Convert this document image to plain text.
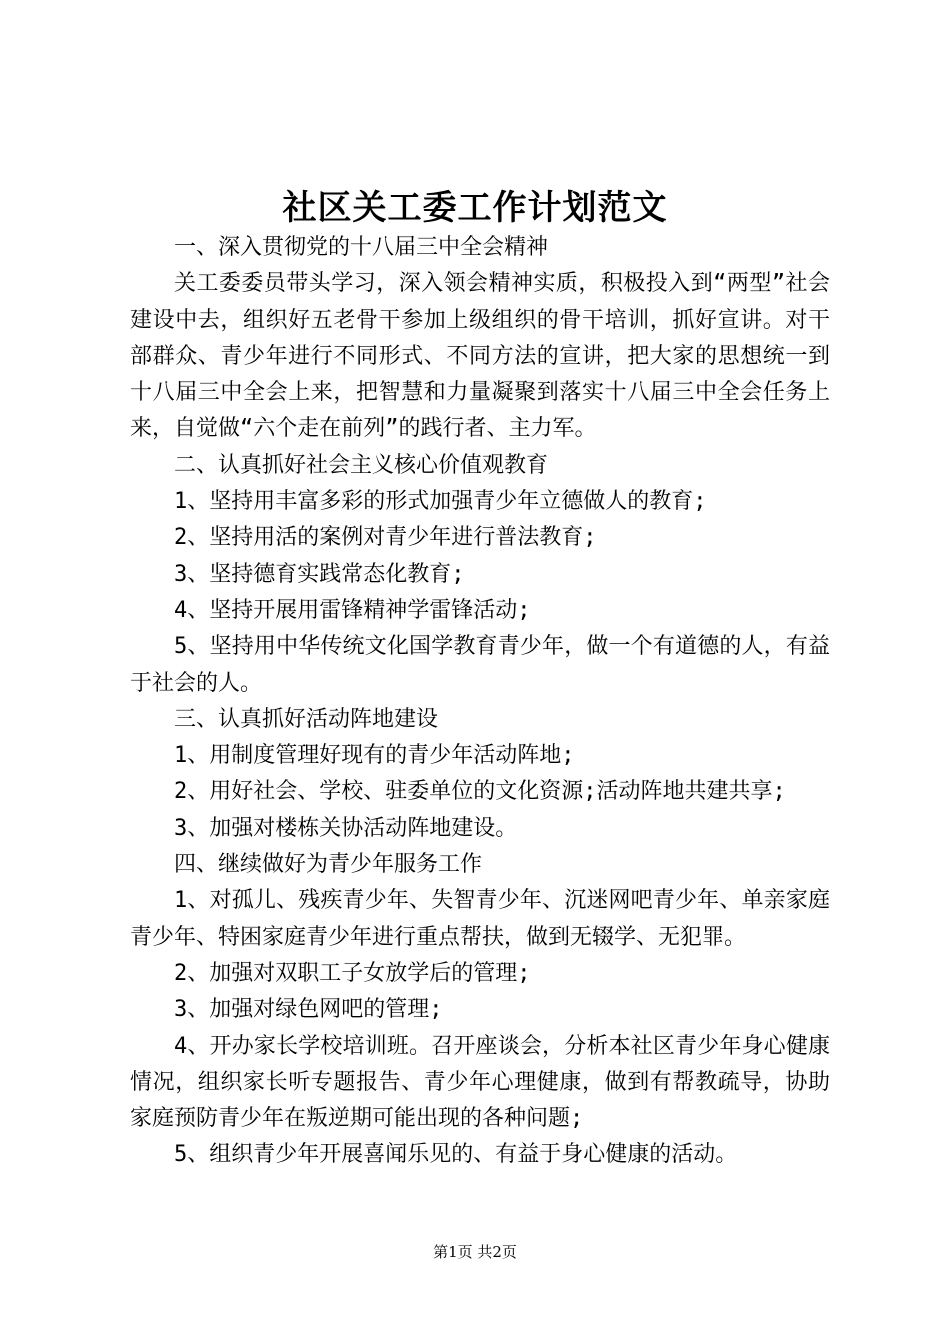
社区关工委工作计划范文

一、深入贯彻党的十八届三中全会精神

关工委委员带头学习，深入领会精神实质，积极投入到“两型”社会建设中去，组织好五老骨干参加上级组织的骨干培训，抓好宣讲。对干部群众、青少年进行不同形式、不同方法的宣讲，把大家的思想统一到十八届三中全会上来，把智慧和力量凝聚到落实十八届三中全会任务上来，自觉做“六个走在前列”的践行者、主力军。

二、认真抓好社会主义核心价值观教育

1、坚持用丰富多彩的形式加强青少年立德做人的教育;

2、坚持用活的案例对青少年进行普法教育;

3、坚持德育实践常态化教育;

4、坚持开展用雷锋精神学雷锋活动;

5、坚持用中华传统文化国学教育青少年，做一个有道德的人，有益于社会的人。

三、认真抓好活动阵地建设

1、用制度管理好现有的青少年活动阵地;

2、用好社会、学校、驻委单位的文化资源;活动阵地共建共享;

3、加强对楼栋关协活动阵地建设。

四、继续做好为青少年服务工作

1、对孤儿、残疾青少年、失智青少年、沉迷网吧青少年、单亲家庭青少年、特困家庭青少年进行重点帮扶，做到无辍学、无犯罪。

2、加强对双职工子女放学后的管理;

3、加强对绿色网吧的管理;

4、开办家长学校培训班。召开座谈会，分析本社区青少年身心健康情况，组织家长听专题报告、青少年心理健康，做到有帮教疏导，协助家庭预防青少年在叛逆期可能出现的各种问题;

5、组织青少年开展喜闻乐见的、有益于身心健康的活动。

第1页 共2页
